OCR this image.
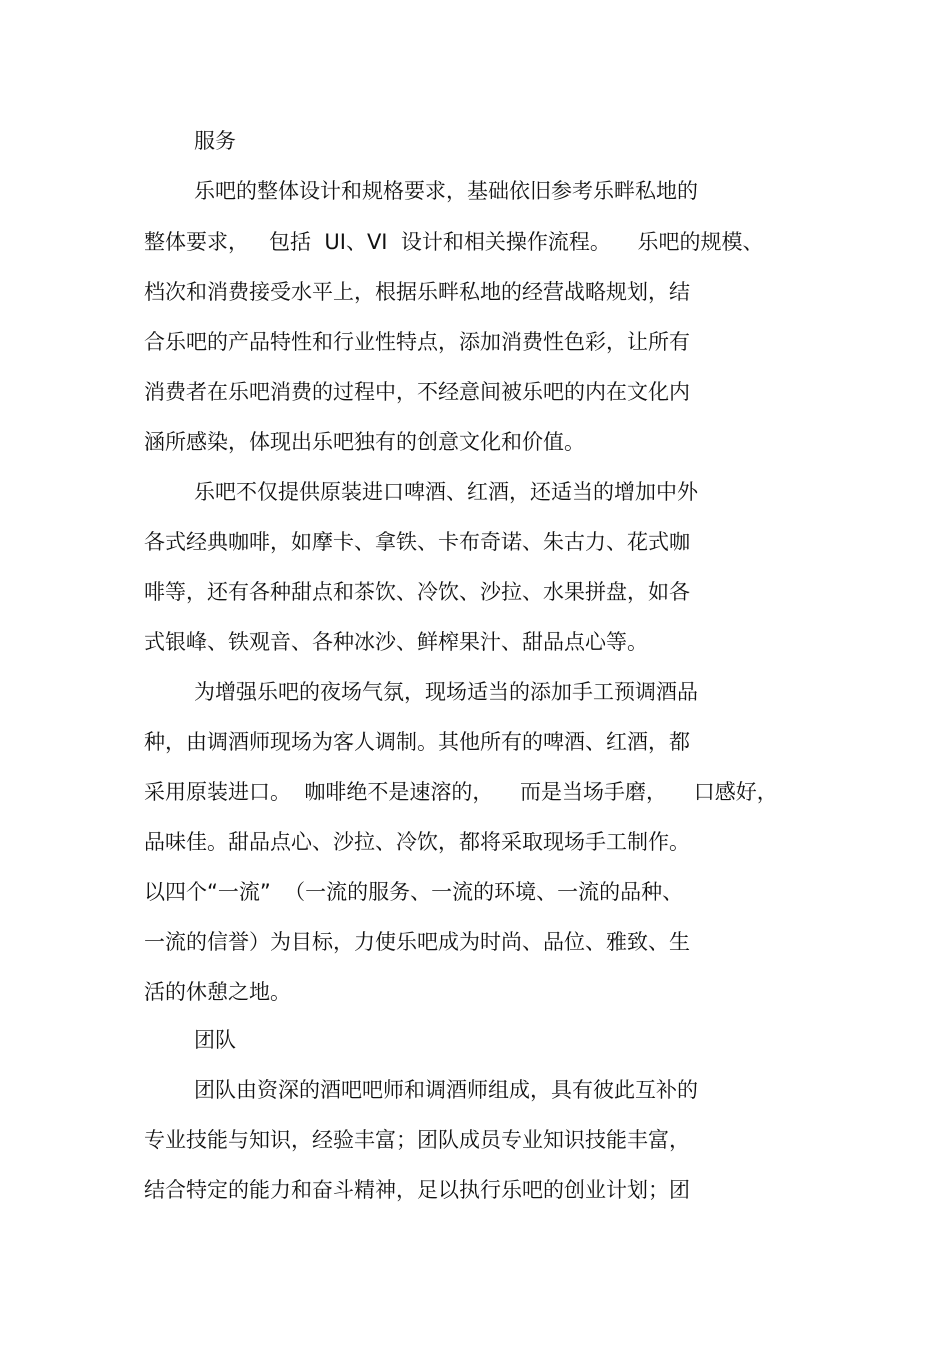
服务

乐吧的整体设计和规格要求，基础依旧参考乐畔私地的

整体要求，   包括  UI、VI  设计和相关操作流程。    乐吧的规模、

档次和消费接受水平上，根据乐畔私地的经营战略规划，结

合乐吧的产品特性和行业性特点，添加消费性色彩，让所有

消费者在乐吧消费的过程中，不经意间被乐吧的内在文化内

涵所感染，体现出乐吧独有的创意文化和价值。

乐吧不仅提供原装进口啤酒、红酒，还适当的增加中外

各式经典咖啡，如摩卡、拿铁、卡布奇诺、朱古力、花式咖

啡等，还有各种甜点和茶饮、冷饮、沙拉、水果拼盘，如各

式银峰、铁观音、各种冰沙、鲜榨果汁、甜品点心等。

为增强乐吧的夜场气氛，现场适当的添加手工预调酒品

种，由调酒师现场为客人调制。其他所有的啤酒、红酒，都

采用原装进口。  咖啡绝不是速溶的，    而是当场手磨，    口感好，

品味佳。甜品点心、沙拉、冷饮，都将采取现场手工制作。

以四个“一流”  （一流的服务、一流的环境、一流的品种、

一流的信誉）为目标，力使乐吧成为时尚、品位、雅致、生

活的休憩之地。

团队

团队由资深的酒吧吧师和调酒师组成，具有彼此互补的

专业技能与知识，经验丰富；团队成员专业知识技能丰富，

结合特定的能力和奋斗精神，足以执行乐吧的创业计划；团
